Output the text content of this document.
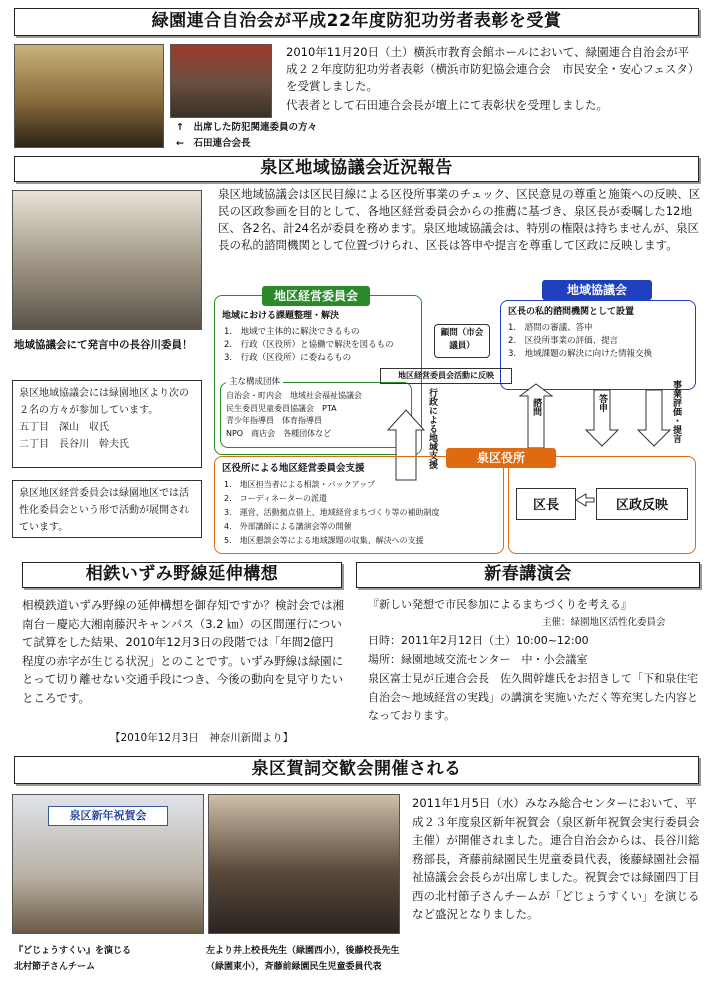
緑園連合自治会が平成22年度防犯功労者表彰を受賞
2010年11月20日（土）横浜市教育会館ホールにおいて、緑園連合自治会が平成２２年度防犯功労者表彰（横浜市防犯協会連合会　市民安全・安心フェスタ）を受賞しました。
代表者として石田連合会長が壇上にて表彰状を受理しました。
↑　出席した防犯関連委員の方々
←　石田連合会長
泉区地域協議会近況報告
地域協議会にて発言中の長谷川委員！
泉区地域協議会は区民目線による区役所事業のチェック、区民意見の尊重と施策への反映、区民の区政参画を目的として、各地区経営委員会からの推薦に基づき、泉区長が委嘱した12地区、各2名、計24名が委員を務めます。泉区地域協議会は、特別の権限は持ちませんが、泉区長の私的諮問機関として位置づけられ、区長は答申や提言を尊重して区政に反映します。
泉区地域協議会には緑園地区より次の２名の方々が参加しています。
五丁目　深山　収氏
二丁目　長谷川　幹夫氏
泉区地区経営委員会は緑園地区では活性化委員会という形で活動が展開されています。
地区経営委員会
地域における課題整理・解決
1.　地域で主体的に解決できるもの
2.　行政（区役所）と協働で解決を図るもの
3.　行政（区役所）に委ねるもの
主な構成団体
自治会・町内会　地域社会福祉協議会
民生委員児童委員協議会　PTA
青少年指導員　体育指導員
NPO　商店会　各種団体など
地域協議会
区長の私的諮問機関として設置
1.　諮問の審議、答申
2.　区役所事業の評価、提言
3.　地域課題の解決に向けた情報交換
顧問（市会議員）
地区経営委員会活動に反映
行政による地域支援	諮問	答申	事業評価・提言
区役所による地区経営委員会支援
1.　地区担当者による相談・バックアップ
2.　コーディネーターの派遣
3.　運営、活動拠点借上、地域経営まちづくり等の補助制度
4.　外部講師による講演会等の開催
5.　地区懇談会等による地域課題の収集、解決への支援
泉区役所
区長	区政反映
相鉄いずみ野線延伸構想	新春講演会
相模鉄道いずみ野線の延伸構想を御存知ですか？検討会では湘南台－慶応大湘南藤沢キャンパス（3.2 ㎞）の区間運行について試算をした結果、2010年12月3日の段階では「年間2億円程度の赤字が生じる状況」とのことです。いずみ野線は緑園にとって切り離せない交通手段につき、今後の動向を見守りたいところです。
【2010年12月3日　神奈川新聞より】
『新しい発想で市民参加によるまちづくりを考える』
主催：緑園地区活性化委員会
日時：2011年2月12日（土）10:00~12:00
場所：緑園地域交流センター　中・小会議室
泉区富士見が丘連合会長　佐久間幹雄氏をお招きして「下和泉住宅自治会～地域経営の実践」の講演を実施いただく等充実した内容となっております。
泉区賀詞交歓会開催される
泉区新年祝賀会
『どじょうすくい』を演じる
北村節子さんチーム
左より井上校長先生（緑園西小），後藤校長先生
（緑園東小），斉藤前緑園民生児童委員代表
2011年1月5日（水）みなみ総合センターにおいて、平成２３年度泉区新年祝賀会（泉区新年祝賀会実行委員会主催）が開催されました。連合自治会からは、長谷川総務部長，斉藤前緑園民生児童委員代表，後藤緑園社会福祉協議会会長らが出席しました。祝賀会では緑園四丁目西の北村節子さんチームが「どじょうすくい」を演じるなど盛況となりました。
